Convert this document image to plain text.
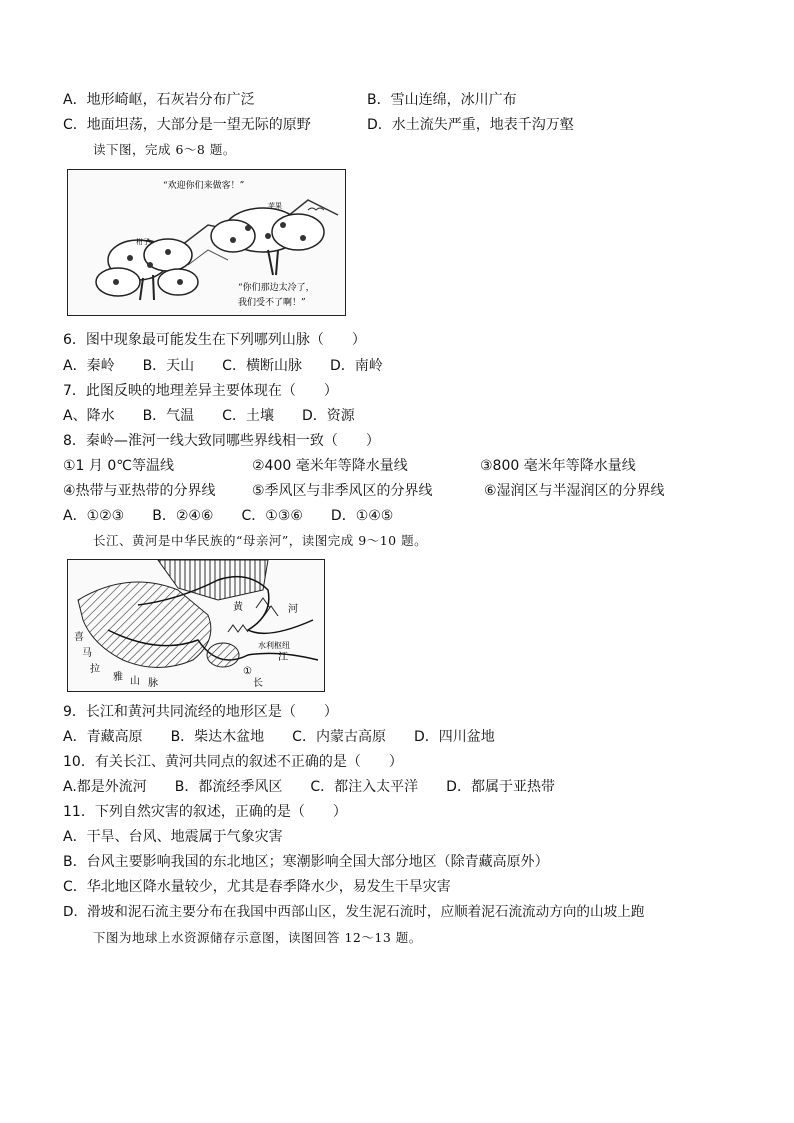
A．地形崎岖，石灰岩分布广泛	B．雪山连绵，冰川广布
C．地面坦荡，大部分是一望无际的原野	D．水土流失严重，地表千沟万壑
读下图，完成 6～8 题。
“欢迎你们来做客！”
苹果
柑子
“你们那边太冷了，
我们受不了啊！”
6．图中现象最可能发生在下列哪列山脉（　　）
A．秦岭　　B．天山　　C．横断山脉　　D．南岭
7．此图反映的地理差异主要体现在（　　）
A、降水　　B．气温　　C．土壤　　D．资源
8．秦岭—淮河一线大致同哪些界线相一致（　　）
①1 月 0℃等温线	②400 毫米年等降水量线	③800 毫米年等降水量线
④热带与亚热带的分界线	⑤季风区与非季风区的分界线	⑥湿润区与半湿润区的分界线
A．①②③　　B．②④⑥　　C．①③⑥　　D．①④⑤
长江、黄河是中华民族的“母亲河”，读图完成 9～10 题。
黄	河
水利枢纽
江
长
①
喜
马
拉
雅 山 脉
9．长江和黄河共同流经的地形区是（　　）
A．青藏高原　　B．柴达木盆地　　C．内蒙古高原　　D．四川盆地
10．有关长江、黄河共同点的叙述不正确的是（　　）
A.都是外流河　　B．都流经季风区　　C．都注入太平洋　　D．都属于亚热带
11．下列自然灾害的叙述，正确的是（　　）
A．干旱、台风、地震属于气象灾害
B．台风主要影响我国的东北地区；寒潮影响全国大部分地区（除青藏高原外）
C．华北地区降水量较少，尤其是春季降水少，易发生干旱灾害
D．滑坡和泥石流主要分布在我国中西部山区，发生泥石流时，应顺着泥石流流动方向的山坡上跑
下图为地球上水资源储存示意图，读图回答 12～13 题。
